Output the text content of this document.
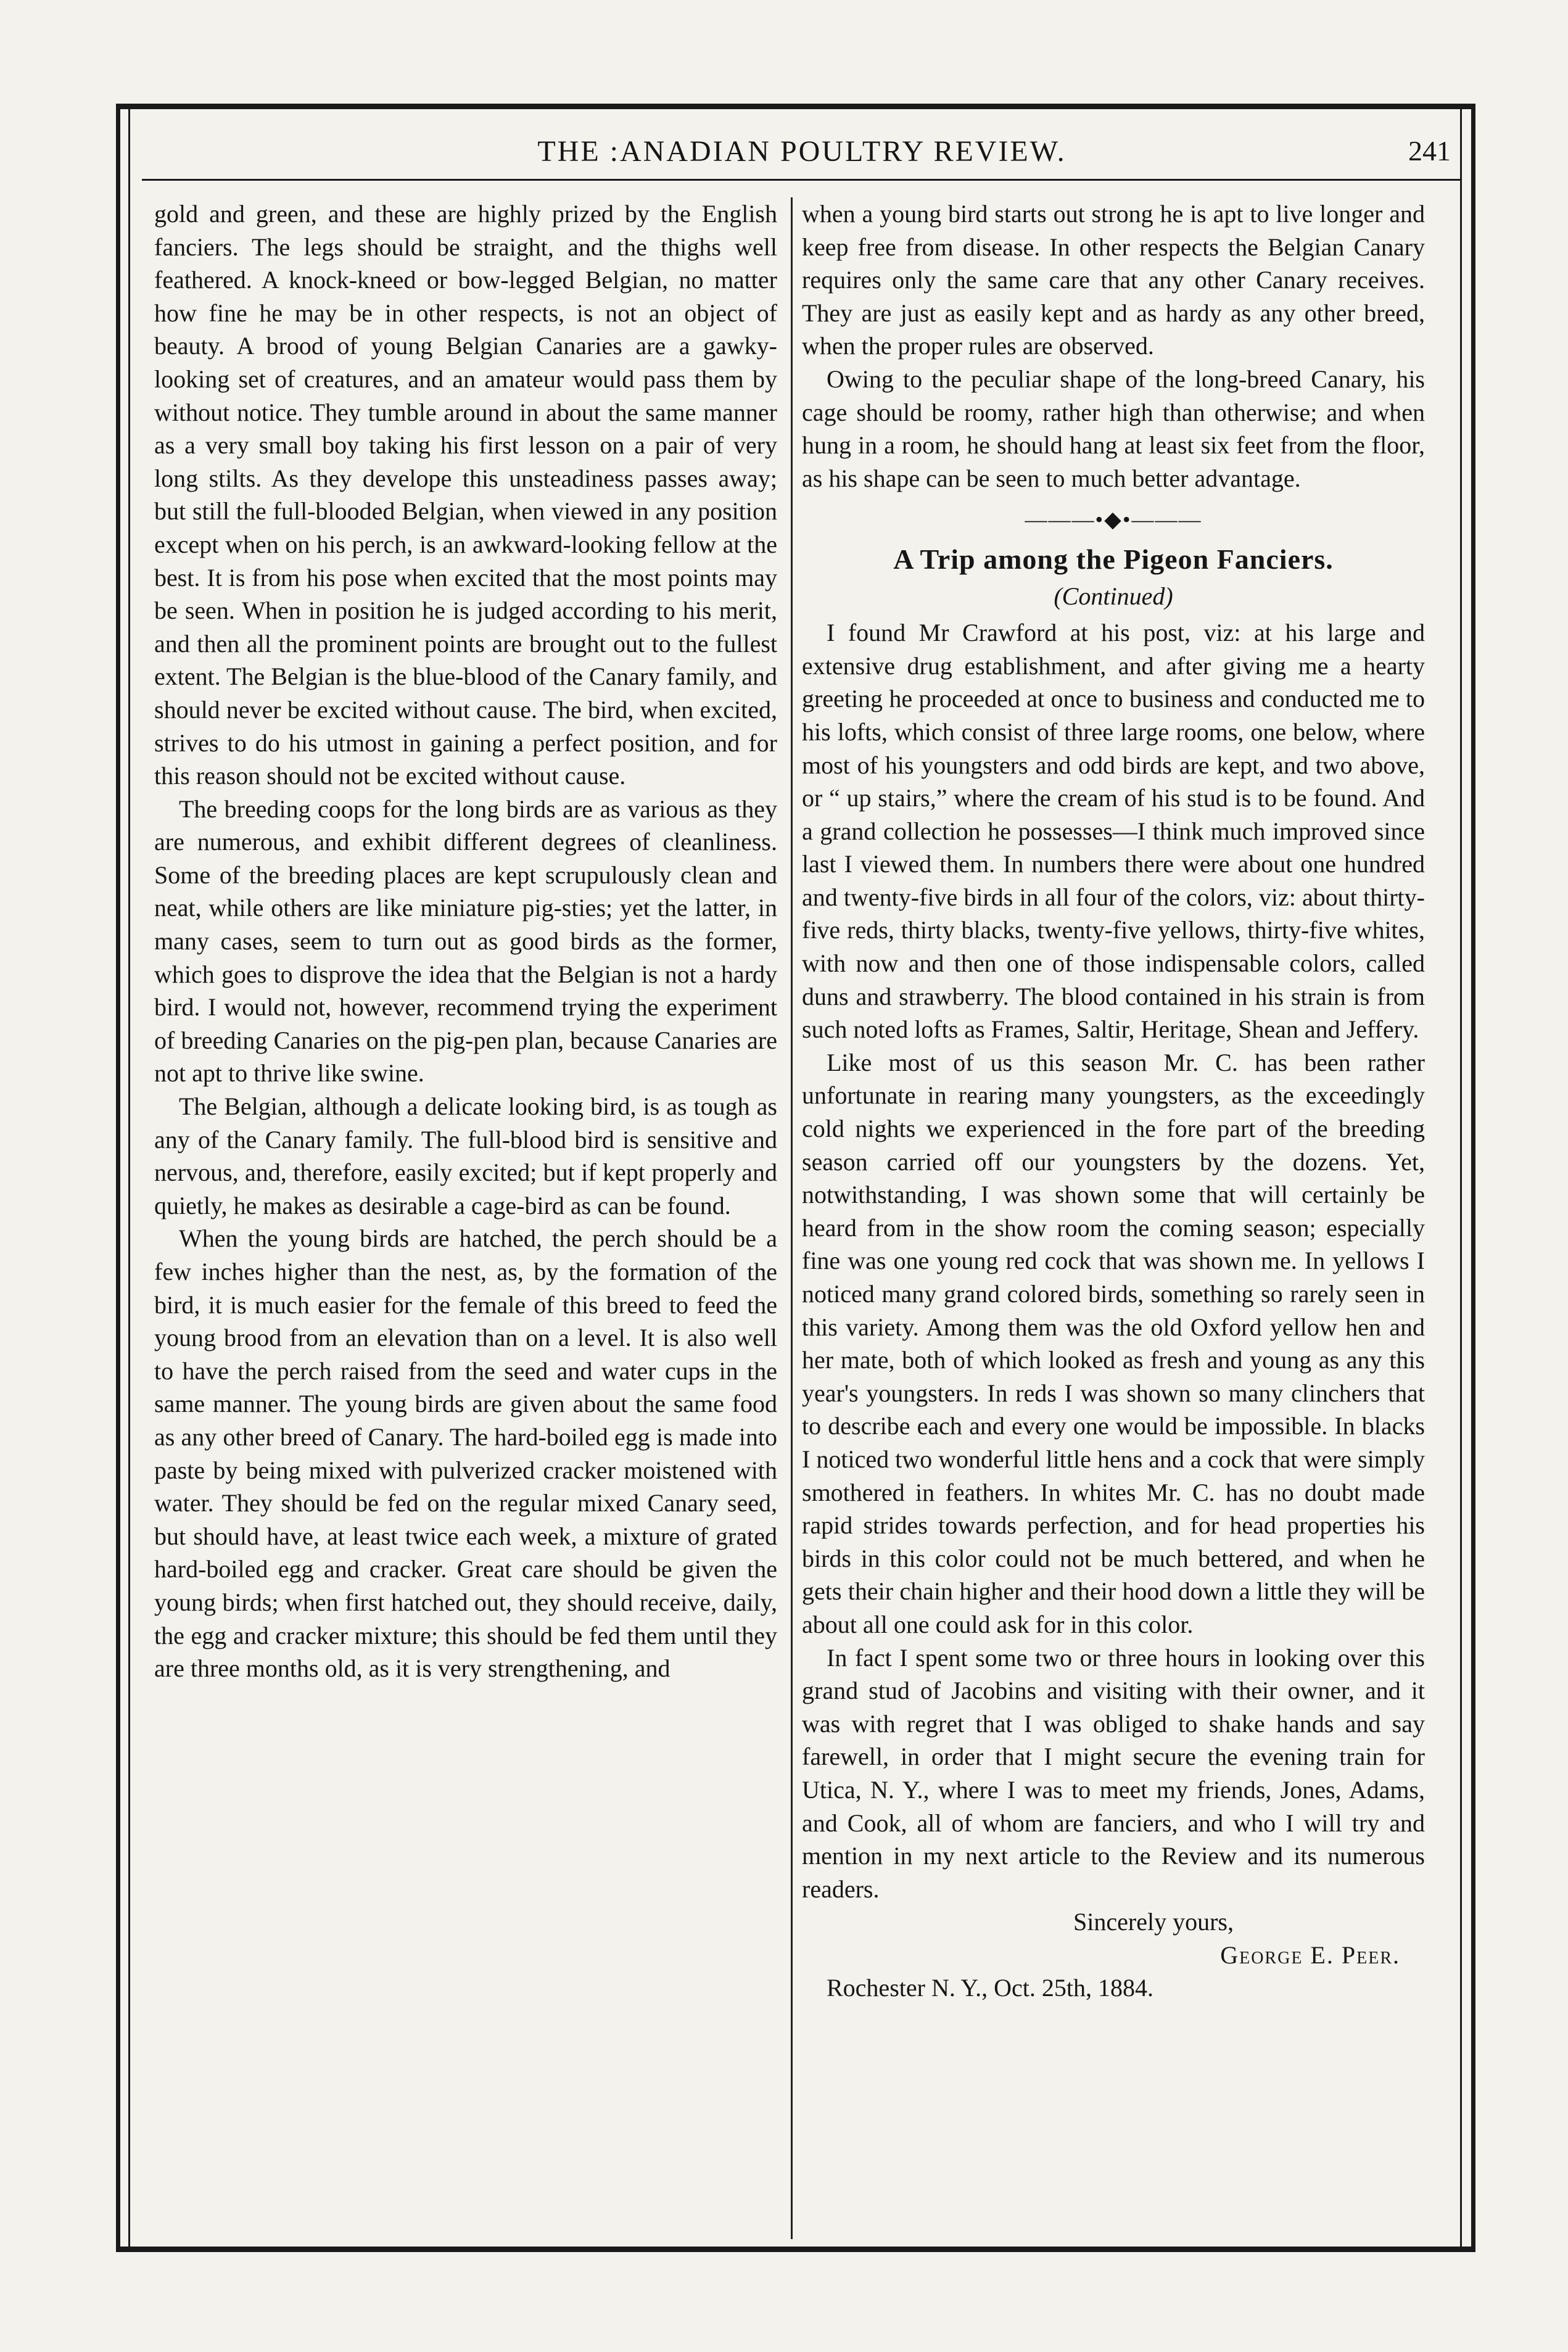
THE :ANADIAN POULTRY REVIEW.	241

gold and green, and these are highly prized by the English fanciers. The legs should be straight, and the thighs well feathered. A knock-kneed or bow-legged Belgian, no matter how fine he may be in other respects, is not an object of beauty. A brood of young Belgian Canaries are a gawky-looking set of creatures, and an amateur would pass them by without notice. They tumble around in about the same manner as a very small boy taking his first lesson on a pair of very long stilts. As they develope this unsteadiness passes away; but still the full-blooded Belgian, when viewed in any position except when on his perch, is an awkward-looking fellow at the best. It is from his pose when excited that the most points may be seen. When in position he is judged according to his merit, and then all the prominent points are brought out to the fullest extent. The Belgian is the blue-blood of the Canary family, and should never be excited without cause. The bird, when excited, strives to do his utmost in gaining a perfect position, and for this reason should not be excited without cause.

The breeding coops for the long birds are as various as they are numerous, and exhibit different degrees of cleanliness. Some of the breeding places are kept scrupulously clean and neat, while others are like miniature pig-sties; yet the latter, in many cases, seem to turn out as good birds as the former, which goes to disprove the idea that the Belgian is not a hardy bird. I would not, however, recommend trying the experiment of breeding Canaries on the pig-pen plan, because Canaries are not apt to thrive like swine.

The Belgian, although a delicate looking bird, is as tough as any of the Canary family. The full-blood bird is sensitive and nervous, and, therefore, easily excited; but if kept properly and quietly, he makes as desirable a cage-bird as can be found.

When the young birds are hatched, the perch should be a few inches higher than the nest, as, by the formation of the bird, it is much easier for the female of this breed to feed the young brood from an elevation than on a level. It is also well to have the perch raised from the seed and water cups in the same manner. The young birds are given about the same food as any other breed of Canary. The hard-boiled egg is made into paste by being mixed with pulverized cracker moistened with water. They should be fed on the regular mixed Canary seed, but should have, at least twice each week, a mixture of grated hard-boiled egg and cracker. Great care should be given the young birds; when first hatched out, they should receive, daily, the egg and cracker mixture; this should be fed them until they are three months old, as it is very strengthening, and

when a young bird starts out strong he is apt to live longer and keep free from disease. In other respects the Belgian Canary requires only the same care that any other Canary receives. They are just as easily kept and as hardy as any other breed, when the proper rules are observed.

Owing to the peculiar shape of the long-breed Canary, his cage should be roomy, rather high than otherwise; and when hung in a room, he should hang at least six feet from the floor, as his shape can be seen to much better advantage.

———•◆•———
A Trip among the Pigeon Fanciers.
(Continued)

I found Mr Crawford at his post, viz: at his large and extensive drug establishment, and after giving me a hearty greeting he proceeded at once to business and conducted me to his lofts, which consist of three large rooms, one below, where most of his youngsters and odd birds are kept, and two above, or “ up stairs,” where the cream of his stud is to be found. And a grand collection he possesses—I think much improved since last I viewed them. In numbers there were about one hundred and twenty-five birds in all four of the colors, viz: about thirty-five reds, thirty blacks, twenty-five yellows, thirty-five whites, with now and then one of those indispensable colors, called duns and strawberry. The blood contained in his strain is from such noted lofts as Frames, Saltir, Heritage, Shean and Jeffery.

Like most of us this season Mr. C. has been rather unfortunate in rearing many youngsters, as the exceedingly cold nights we experienced in the fore part of the breeding season carried off our youngsters by the dozens. Yet, notwithstanding, I was shown some that will certainly be heard from in the show room the coming season; especially fine was one young red cock that was shown me. In yellows I noticed many grand colored birds, something so rarely seen in this variety. Among them was the old Oxford yellow hen and her mate, both of which looked as fresh and young as any this year's youngsters. In reds I was shown so many clinchers that to describe each and every one would be impossible. In blacks I noticed two wonderful little hens and a cock that were simply smothered in feathers. In whites Mr. C. has no doubt made rapid strides towards perfection, and for head properties his birds in this color could not be much bettered, and when he gets their chain higher and their hood down a little they will be about all one could ask for in this color.

In fact I spent some two or three hours in looking over this grand stud of Jacobins and visiting with their owner, and it was with regret that I was obliged to shake hands and say farewell, in order that I might secure the evening train for Utica, N. Y., where I was to meet my friends, Jones, Adams, and Cook, all of whom are fanciers, and who I will try and mention in my next article to the Review and its numerous readers.

Sincerely yours,

George E. Peer.

Rochester N. Y., Oct. 25th, 1884.
